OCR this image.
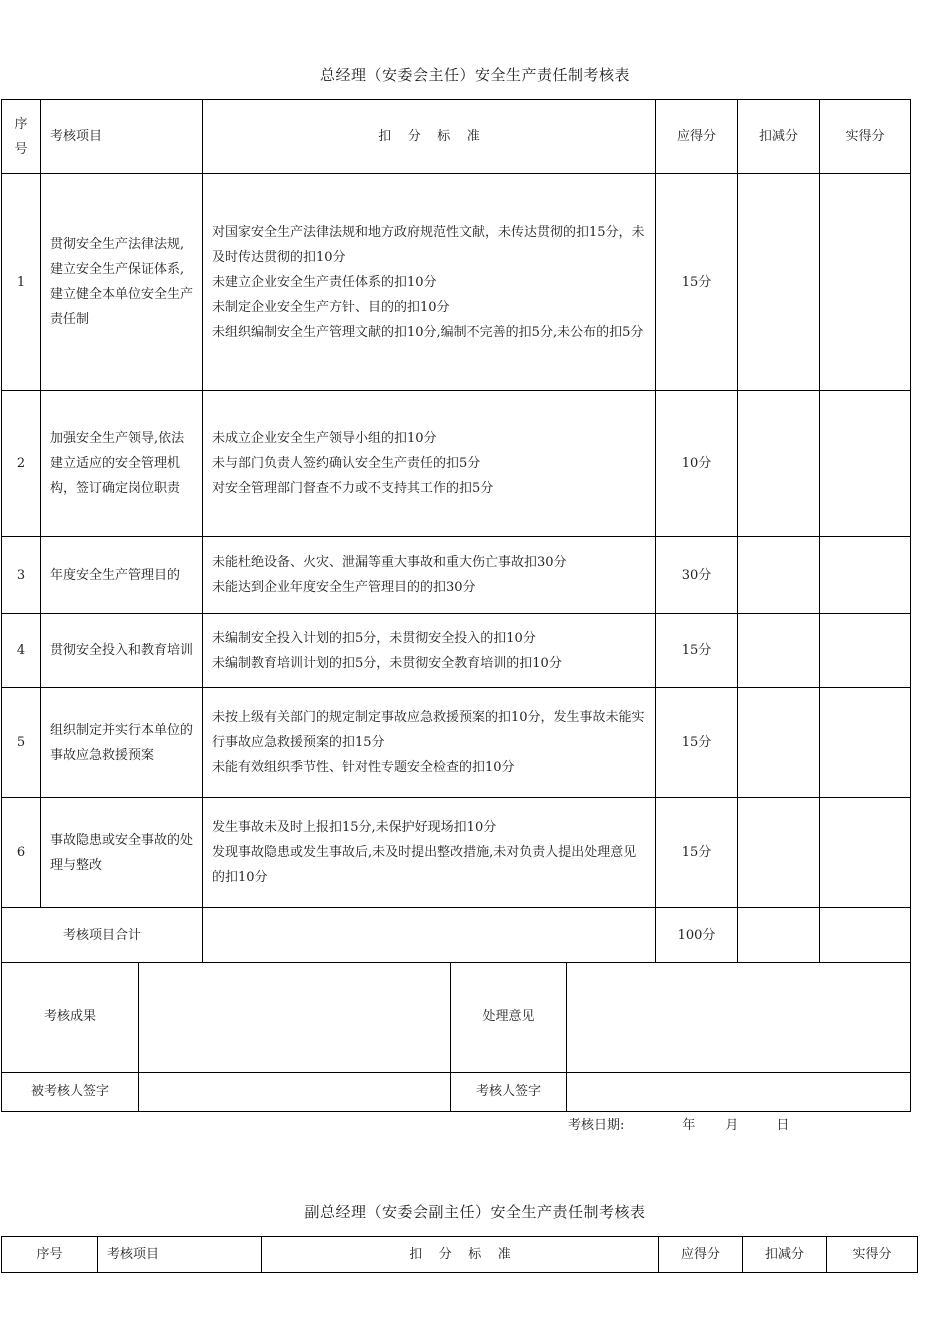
总经理（安委会主任）安全生产责任制考核表
序号	考核项目	扣    分    标    准	应得分	扣减分	实得分
1	贯彻安全生产法律法规,建立安全生产保证体系,建立健全本单位安全生产责任制	对国家安全生产法律法规和地方政府规范性文献，未传达贯彻的扣15分，未及时传达贯彻的扣10分
未建立企业安全生产责任体系的扣10分
未制定企业安全生产方针、目的的扣10分
未组织编制安全生产管理文献的扣10分,编制不完善的扣5分,未公布的扣5分	15分		
2	加强安全生产领导,依法建立适应的安全管理机构，签订确定岗位职责	未成立企业安全生产领导小组的扣10分
未与部门负责人签约确认安全生产责任的扣5分
对安全管理部门督查不力或不支持其工作的扣5分	10分		
3	年度安全生产管理目的	未能杜绝设备、火灾、泄漏等重大事故和重大伤亡事故扣30分
未能达到企业年度安全生产管理目的的扣30分	30分		
4	贯彻安全投入和教育培训	未编制安全投入计划的扣5分，未贯彻安全投入的扣10分
未编制教育培训计划的扣5分，未贯彻安全教育培训的扣10分	15分		
5	组织制定并实行本单位的事故应急救援预案	未按上级有关部门的规定制定事故应急救援预案的扣10分，发生事故未能实行事故应急救援预案的扣15分
未能有效组织季节性、针对性专题安全检查的扣10分	15分		
6	事故隐患或安全事故的处理与整改	发生事故未及时上报扣15分,未保护好现场扣10分
发现事故隐患或发生事故后,未及时提出整改措施,未对负责人提出处理意见的扣10分	15分		
考核项目合计			100分		
考核成果		处理意见	
被考核人签字		考核人签字	
考核日期:	年 月	日
副总经理（安委会副主任）安全生产责任制考核表
序号	考核项目	扣    分    标    准	应得分	扣减分	实得分
